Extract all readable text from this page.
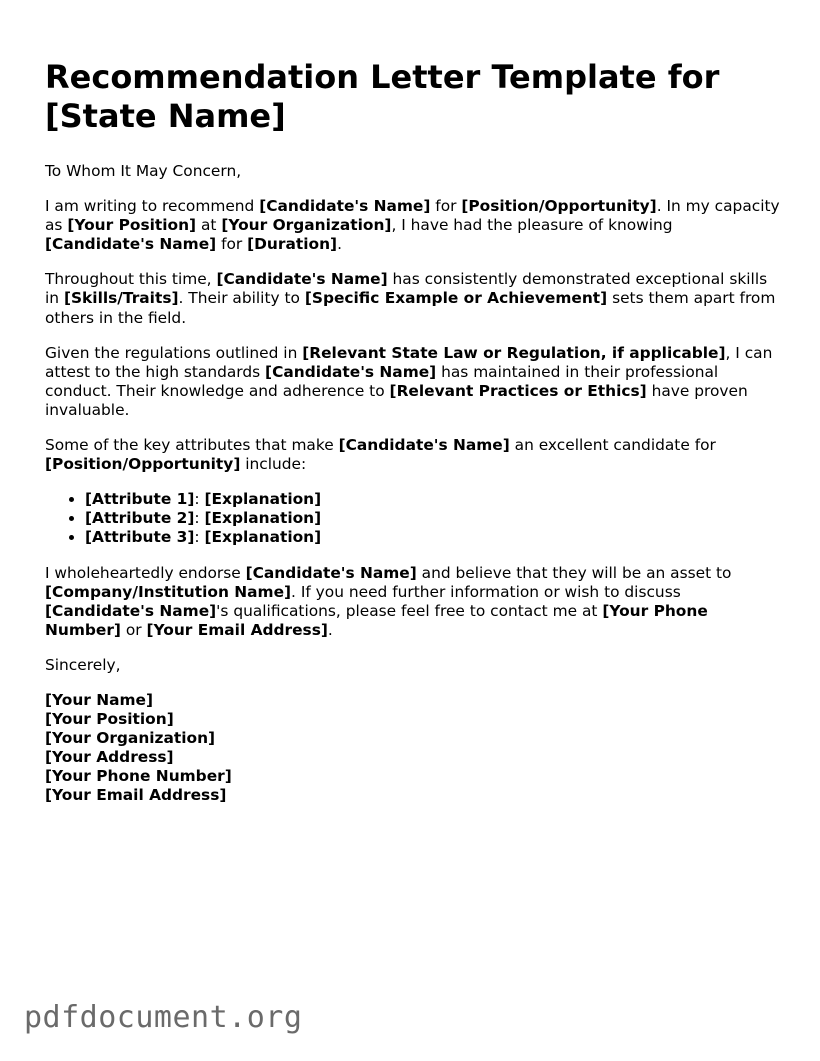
Recommendation Letter Template for [State Name]

To Whom It May Concern,

I am writing to recommend [Candidate's Name] for [Position/Opportunity]. In my capacity as [Your Position] at [Your Organization], I have had the pleasure of knowing [Candidate's Name] for [Duration].

Throughout this time, [Candidate's Name] has consistently demonstrated exceptional skills in [Skills/Traits]. Their ability to [Specific Example or Achievement] sets them apart from others in the field.

Given the regulations outlined in [Relevant State Law or Regulation, if applicable], I can attest to the high standards [Candidate's Name] has maintained in their professional conduct. Their knowledge and adherence to [Relevant Practices or Ethics] have proven invaluable.

Some of the key attributes that make [Candidate's Name] an excellent candidate for [Position/Opportunity] include:

• [Attribute 1]: [Explanation]
• [Attribute 2]: [Explanation]
• [Attribute 3]: [Explanation]

I wholeheartedly endorse [Candidate's Name] and believe that they will be an asset to [Company/Institution Name]. If you need further information or wish to discuss [Candidate's Name]'s qualifications, please feel free to contact me at [Your Phone Number] or [Your Email Address].

Sincerely,

[Your Name]
[Your Position]
[Your Organization]
[Your Address]
[Your Phone Number]
[Your Email Address]

pdfdocument.org
